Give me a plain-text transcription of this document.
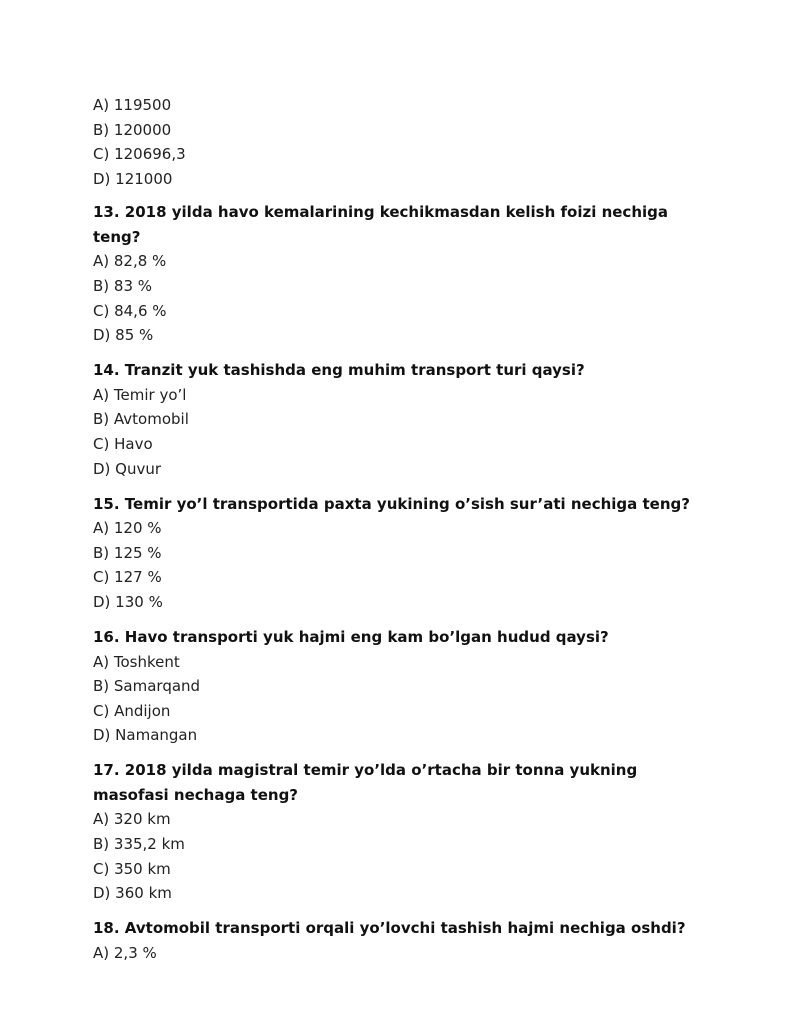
A) 119500

B) 120000

C) 120696,3

D) 121000

13. 2018 yilda havo kemalarining kechikmasdan kelish foizi nechiga teng?

A) 82,8 %

B) 83 %

C) 84,6 %

D) 85 %

14. Tranzit yuk tashishda eng muhim transport turi qaysi?

A) Temir yo’l

B) Avtomobil

C) Havo

D) Quvur

15. Temir yo’l transportida paxta yukining o’sish sur’ati nechiga teng?

A) 120 %

B) 125 %

C) 127 %

D) 130 %

16. Havo transporti yuk hajmi eng kam bo’lgan hudud qaysi?

A) Toshkent

B) Samarqand

C) Andijon

D) Namangan

17. 2018 yilda magistral temir yo’lda o’rtacha bir tonna yukning masofasi nechaga teng?

A) 320 km

B) 335,2 km

C) 350 km

D) 360 km

18. Avtomobil transporti orqali yo’lovchi tashish hajmi nechiga oshdi?

A) 2,3 %
